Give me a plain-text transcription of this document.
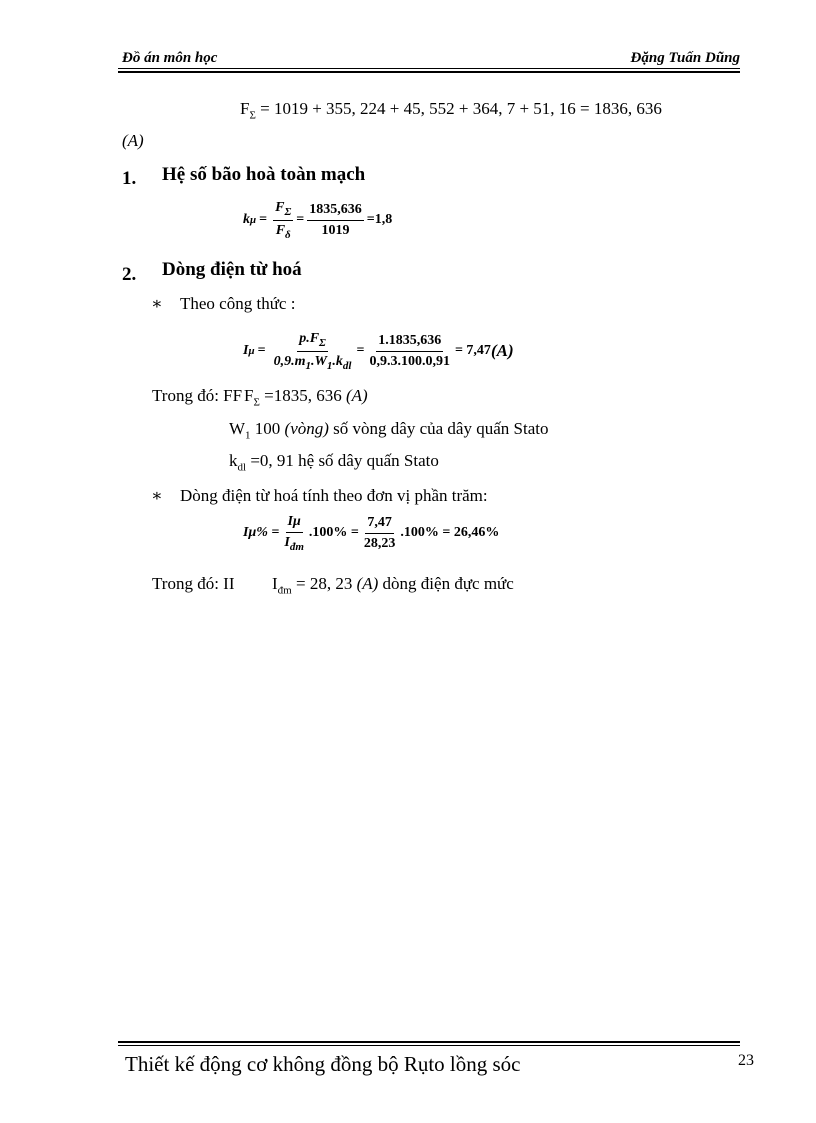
Đồ án môn học	Đặng Tuấn Dũng
$F_\Sigma = 1019 + 355$, 224 + 45, 552 + 364, 7 + 51, 16 = 1836, 636
(A)
1. Hệ số bão hoà toàn mạch
k $\mu = \frac{F_\Sigma}{F_\delta} = \frac{1835,636}{1019} =1,8$
2. Dòng điện từ hoá
∗ Theo công thức :
I $\mu = \frac{p.F_\Sigma}{0,9.m_1.W_1.k_{dl}} = \frac{1.1835,636}{0,9.3.100.0,91} = 7,47$ (A)
Trong đó: FF $F_\Sigma =1835$, 636 (A)
$W_1$ 100 (vòng) số vòng dây của dây quấn Stato
$k_{dl} =0$, 91 hệ số dây quấn Stato
∗ Dòng điện từ hoá tính theo đơn vị phần trăm:
$I\mu\% = \frac{I\mu}{I_{đm}} .100\% = \frac{7,47}{28,23} .100\% = 26,46\%$
Trong đó: II $I_{đm} = 28$, 23 (A) dòng điện đực mức
Thiết kế động cơ không đồng bộ Rụto lồng sóc	23
